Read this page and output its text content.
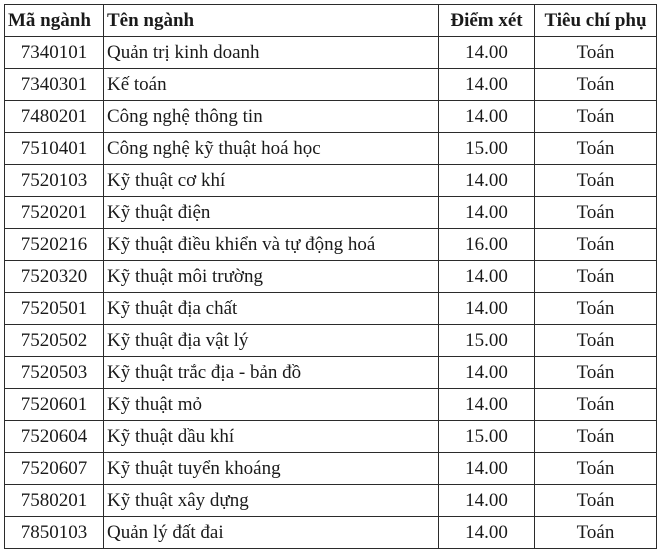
Mã ngành	Tên ngành	Điểm xét	Tiêu chí phụ
7340101	Quản trị kinh doanh	14.00	Toán
7340301	Kế toán	14.00	Toán
7480201	Công nghệ thông tin	14.00	Toán
7510401	Công nghệ kỹ thuật hoá học	15.00	Toán
7520103	Kỹ thuật cơ khí	14.00	Toán
7520201	Kỹ thuật điện	14.00	Toán
7520216	Kỹ thuật điều khiển và tự động hoá	16.00	Toán
7520320	Kỹ thuật môi trường	14.00	Toán
7520501	Kỹ thuật địa chất	14.00	Toán
7520502	Kỹ thuật địa vật lý	15.00	Toán
7520503	Kỹ thuật trắc địa - bản đồ	14.00	Toán
7520601	Kỹ thuật mỏ	14.00	Toán
7520604	Kỹ thuật dầu khí	15.00	Toán
7520607	Kỹ thuật tuyển khoáng	14.00	Toán
7580201	Kỹ thuật xây dựng	14.00	Toán
7850103	Quản lý đất đai	14.00	Toán
